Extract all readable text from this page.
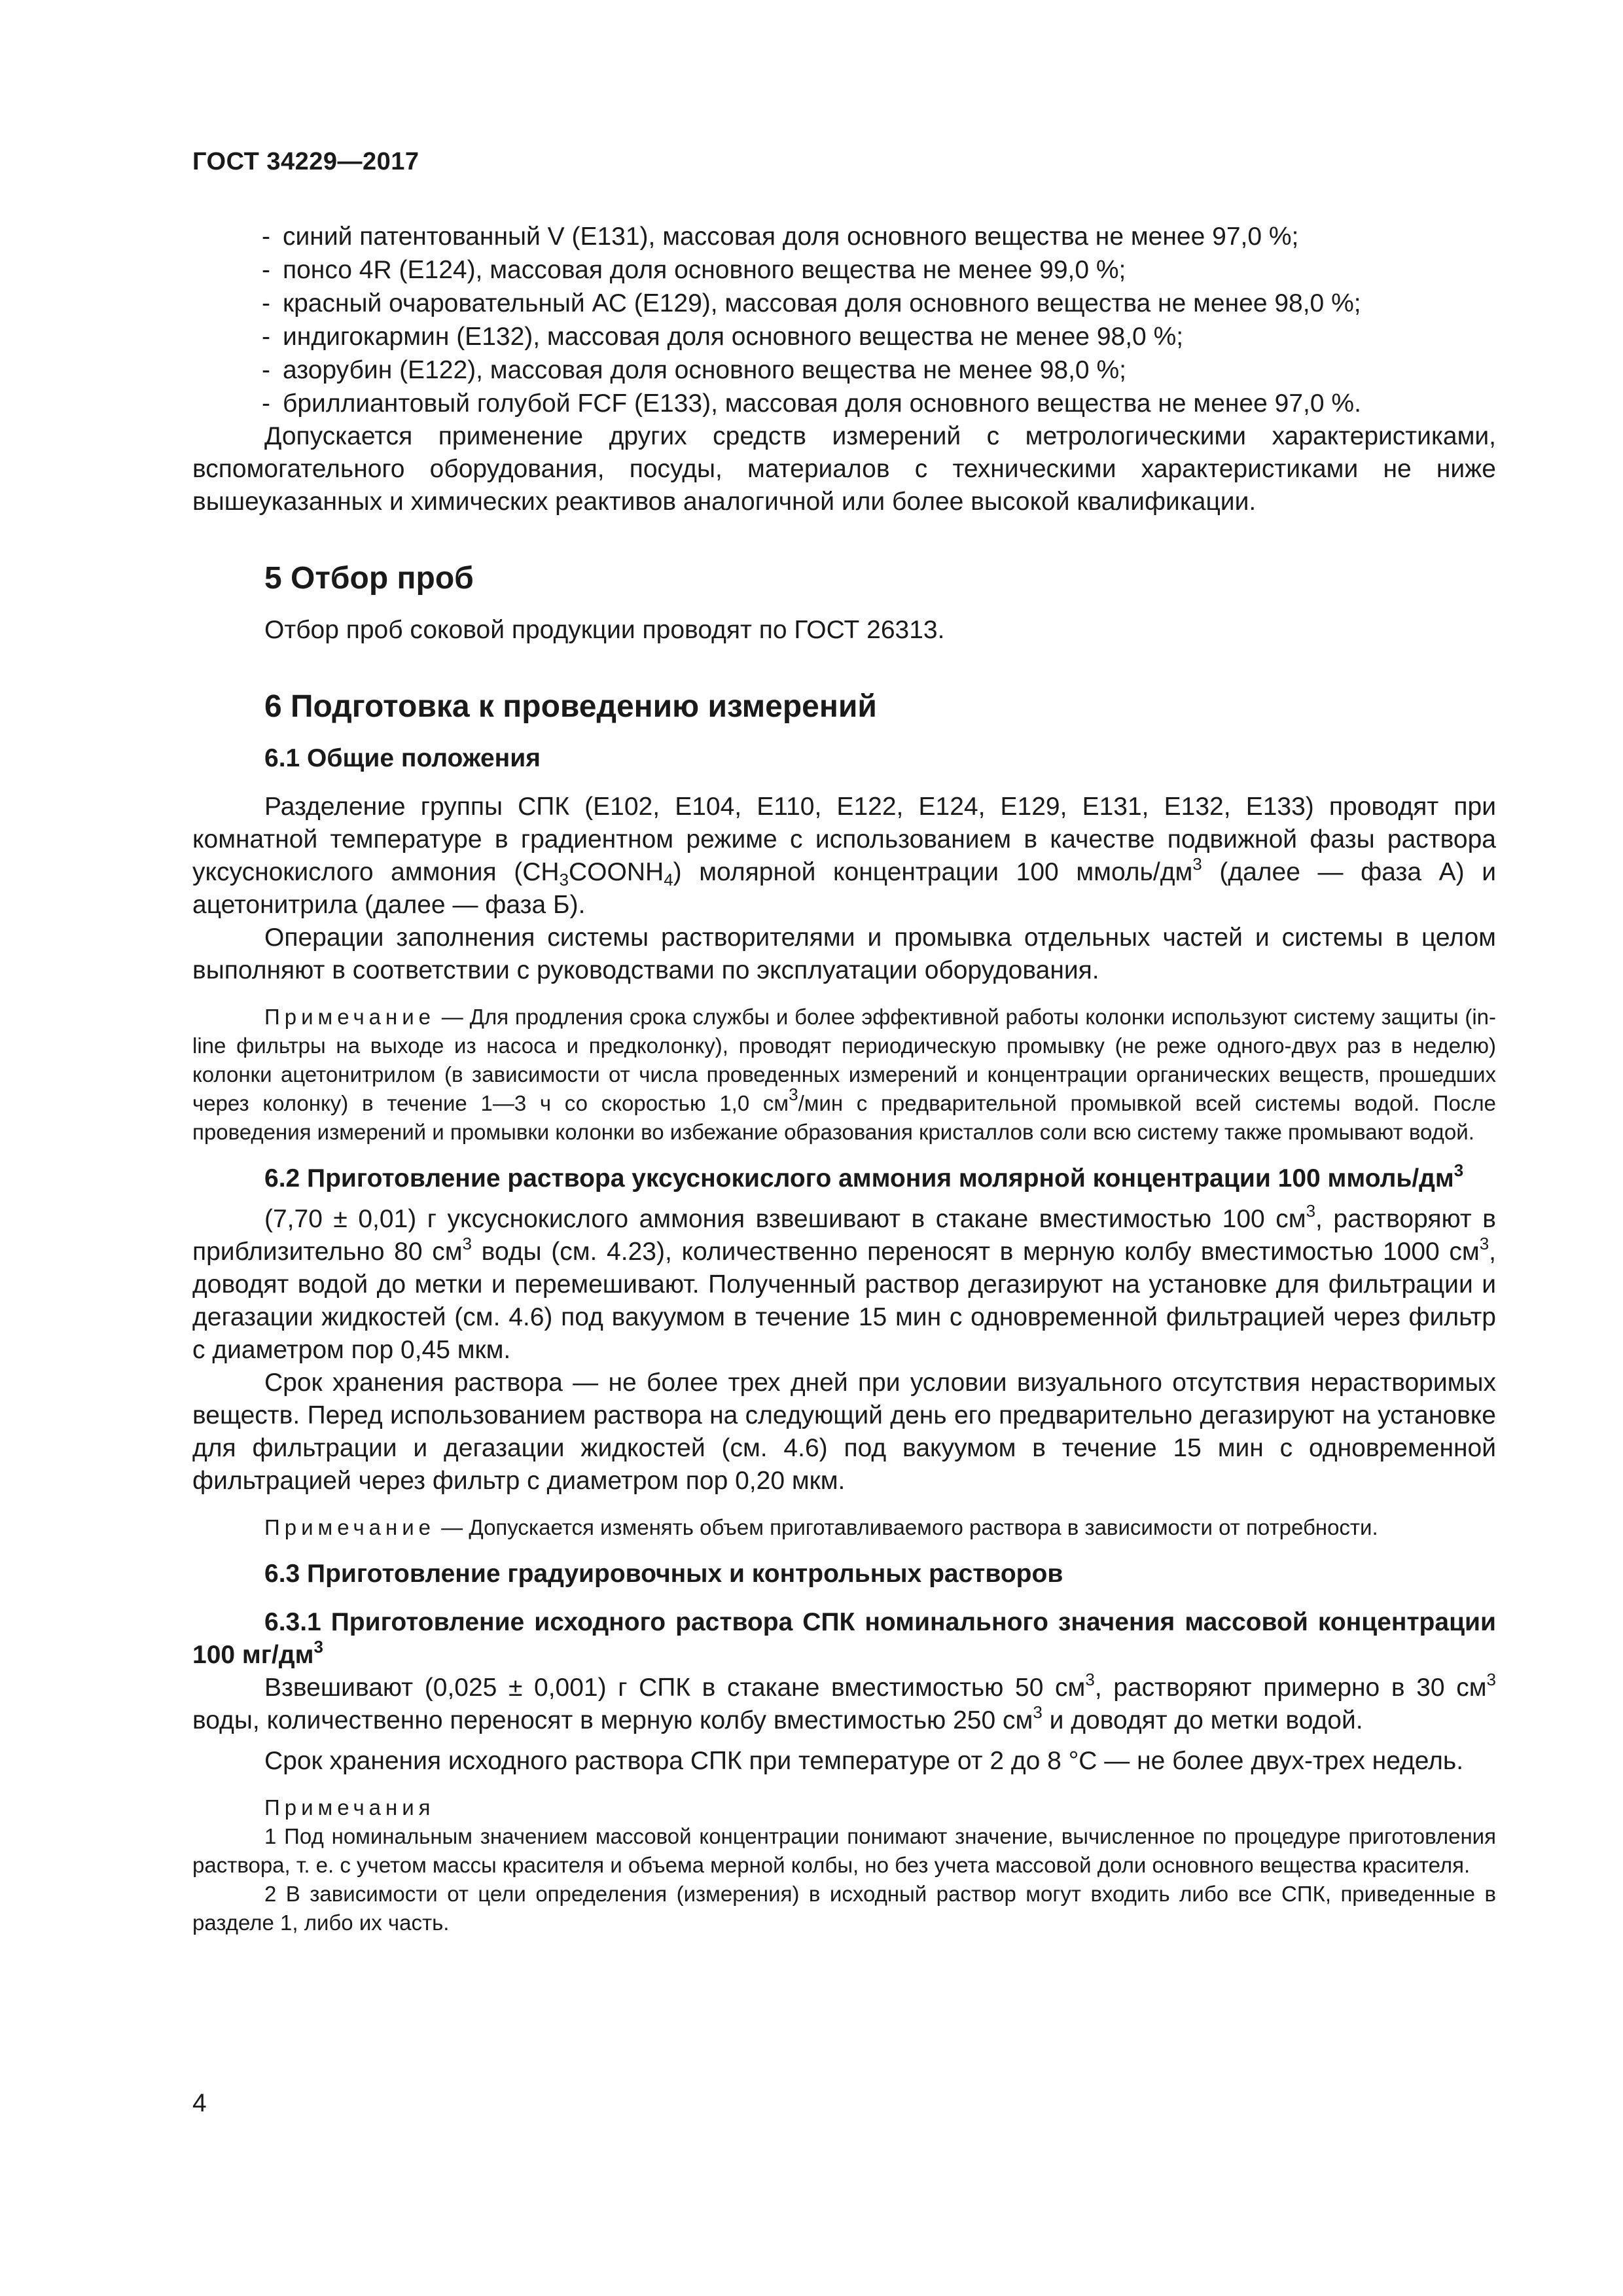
ГОСТ 34229—2017
- синий патентованный V (Е131), массовая доля основного вещества не менее 97,0 %;
- понсо 4R (Е124), массовая доля основного вещества не менее 99,0 %;
- красный очаровательный АС (Е129), массовая доля основного вещества не менее 98,0 %;
- индигокармин (Е132), массовая доля основного вещества не менее 98,0 %;
- азорубин (Е122), массовая доля основного вещества не менее 98,0 %;
- бриллиантовый голубой FCF (Е133), массовая доля основного вещества не менее 97,0 %.

Допускается применение других средств измерений с метрологическими характеристиками, вспомогательного оборудования, посуды, материалов с техническими характеристиками не ниже вышеуказанных и химических реактивов аналогичной или более высокой квалификации.

5 Отбор проб

Отбор проб соковой продукции проводят по ГОСТ 26313.

6 Подготовка к проведению измерений
6.1 Общие положения

Разделение группы СПК (Е102, Е104, Е110, Е122, Е124, Е129, Е131, Е132, Е133) проводят при комнатной температуре в градиентном режиме с использованием в качестве подвижной фазы раствора уксуснокислого аммония $(CH_3COONH_4)$ молярной концентрации 100 ммоль/$дм^3$ (далее — фаза А) и ацетонитрила (далее — фаза Б).

Операции заполнения системы растворителями и промывка отдельных частей и системы в целом выполняют в соответствии с руководствами по эксплуатации оборудования.

Примечание — Для продления срока службы и более эффективной работы колонки используют систему защиты (in-line фильтры на выходе из насоса и предколонку), проводят периодическую промывку (не реже одного-двух раз в неделю) колонки ацетонитрилом (в зависимости от числа проведенных измерений и концентрации органических веществ, прошедших через колонку) в течение 1—3 ч со скоростью 1,0 $см^3$/мин с предварительной промывкой всей системы водой. После проведения измерений и промывки колонки во избежание образования кристаллов соли всю систему также промывают водой.

6.2 Приготовление раствора уксуснокислого аммония молярной концентрации 100 ммоль/$дм^3$

(7,70 ± 0,01) г уксуснокислого аммония взвешивают в стакане вместимостью 100 $см^3$, растворяют в приблизительно 80 $см^3$ воды (см. 4.23), количественно переносят в мерную колбу вместимостью 1000 $см^3$, доводят водой до метки и перемешивают. Полученный раствор дегазируют на установке для фильтрации и дегазации жидкостей (см. 4.6) под вакуумом в течение 15 мин с одновременной фильтрацией через фильтр с диаметром пор 0,45 мкм.

Срок хранения раствора — не более трех дней при условии визуального отсутствия нерастворимых веществ. Перед использованием раствора на следующий день его предварительно дегазируют на установке для фильтрации и дегазации жидкостей (см. 4.6) под вакуумом в течение 15 мин с одновременной фильтрацией через фильтр с диаметром пор 0,20 мкм.

Примечание — Допускается изменять объем приготавливаемого раствора в зависимости от потребности.

6.3 Приготовление градуировочных и контрольных растворов
6.3.1 Приготовление исходного раствора СПК номинального значения массовой концентрации 100 $мг/дм^3$

Взвешивают (0,025 ± 0,001) г СПК в стакане вместимостью 50 $см^3$, растворяют примерно в 30 $см^3$ воды, количественно переносят в мерную колбу вместимостью 250 $см^3$ и доводят до метки водой.

Срок хранения исходного раствора СПК при температуре от 2 до 8 °C — не более двух-трех недель.

Примечания

1 Под номинальным значением массовой концентрации понимают значение, вычисленное по процедуре приготовления раствора, т. е. с учетом массы красителя и объема мерной колбы, но без учета массовой доли основного вещества красителя.

2 В зависимости от цели определения (измерения) в исходный раствор могут входить либо все СПК, приведенные в разделе 1, либо их часть.

4
